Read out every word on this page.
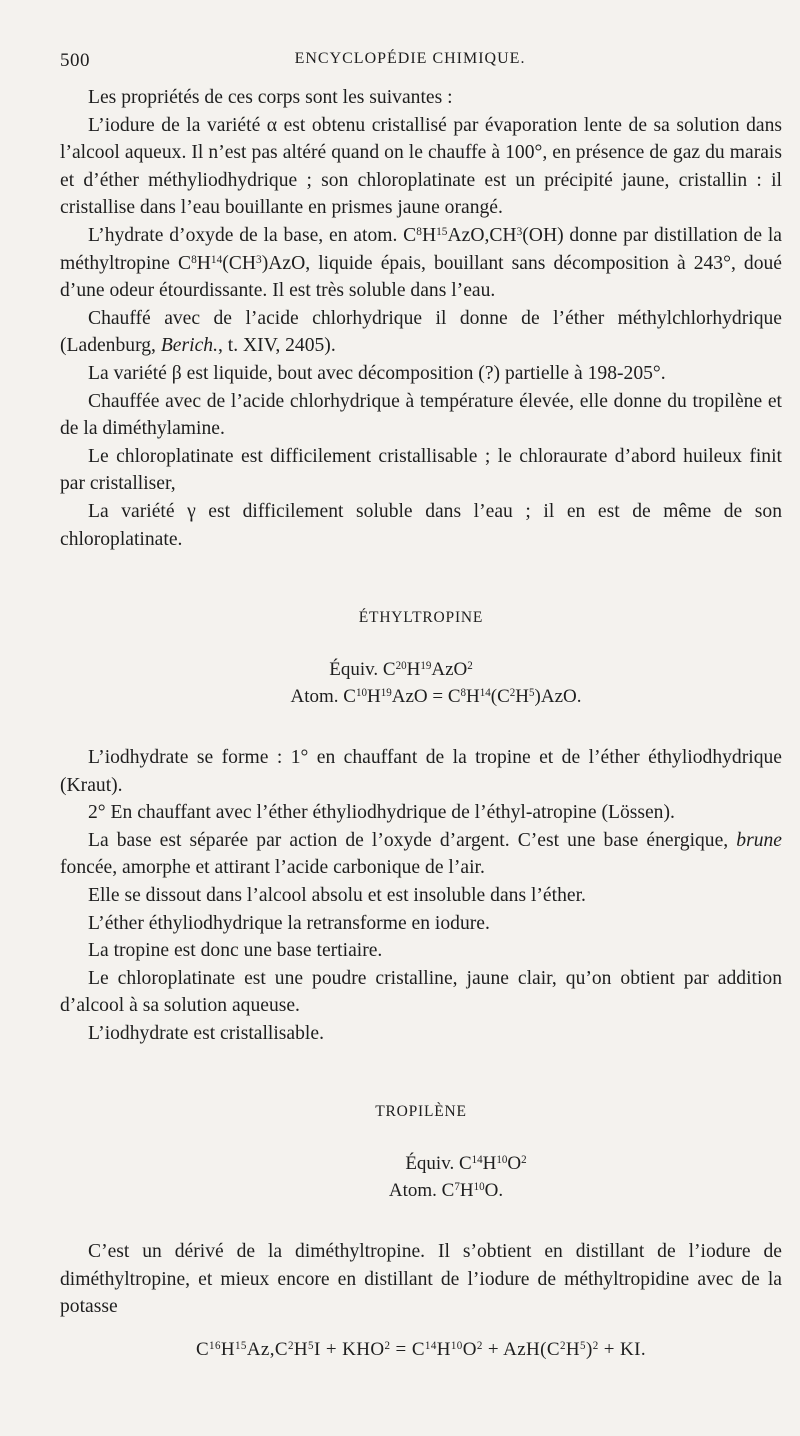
500	ENCYCLOPÉDIE CHIMIQUE.

Les propriétés de ces corps sont les suivantes :

L’iodure de la variété α est obtenu cristallisé par évaporation lente de sa solution dans l’alcool aqueux. Il n’est pas altéré quand on le chauffe à 100°, en présence de gaz du marais et d’éther méthyliodhydrique ; son chloroplatinate est un précipité jaune, cristallin : il cristallise dans l’eau bouillante en prismes jaune orangé.

L’hydrate d’oxyde de la base, en atom. $C^8H^{15}AzO,CH^3(OH)$ donne par distillation de la méthyltropine $C^8H^{14}(CH^3)AzO$, liquide épais, bouillant sans décomposition à 243°, doué d’une odeur étourdissante. Il est très soluble dans l’eau.

Chauffé avec de l’acide chlorhydrique il donne de l’éther méthylchlorhydrique (Ladenburg, Berich., t. XIV, 2405).

La variété β est liquide, bout avec décomposition (?) partielle à 198-205°.

Chauffée avec de l’acide chlorhydrique à température élevée, elle donne du tropilène et de la diméthylamine.

Le chloroplatinate est difficilement cristallisable ; le chloraurate d’abord huileux finit par cristalliser,

La variété γ est difficilement soluble dans l’eau ; il en est de même de son chloroplatinate.

ÉTHYLTROPINE

Équiv. $C^{20}H^{19}AzO^2$

Atom. $C^{10}H^{19}AzO = C^8H^{14}(C^2H^5)AzO$.

L’iodhydrate se forme : 1° en chauffant de la tropine et de l’éther éthyliodhydrique (Kraut).

2° En chauffant avec l’éther éthyliodhydrique de l’éthyl-atropine (Lössen).

La base est séparée par action de l’oxyde d’argent. C’est une base énergique, brune foncée, amorphe et attirant l’acide carbonique de l’air.

Elle se dissout dans l’alcool absolu et est insoluble dans l’éther.

L’éther éthyliodhydrique la retransforme en iodure.

La tropine est donc une base tertiaire.

Le chloroplatinate est une poudre cristalline, jaune clair, qu’on obtient par addition d’alcool à sa solution aqueuse.

L’iodhydrate est cristallisable.

TROPILÈNE

Équiv. $C^{14}H^{10}O^2$

Atom. $C^7H^{10}O$.

C’est un dérivé de la diméthyltropine. Il s’obtient en distillant de l’iodure de diméthyltropine, et mieux encore en distillant de l’iodure de méthyltropidine avec de la potasse

$C^{16}H^{15}Az,C^2H^5I + KHO^2 = C^{14}H^{10}O^2 + AzH(C^2H^5)^2$ + KI.
